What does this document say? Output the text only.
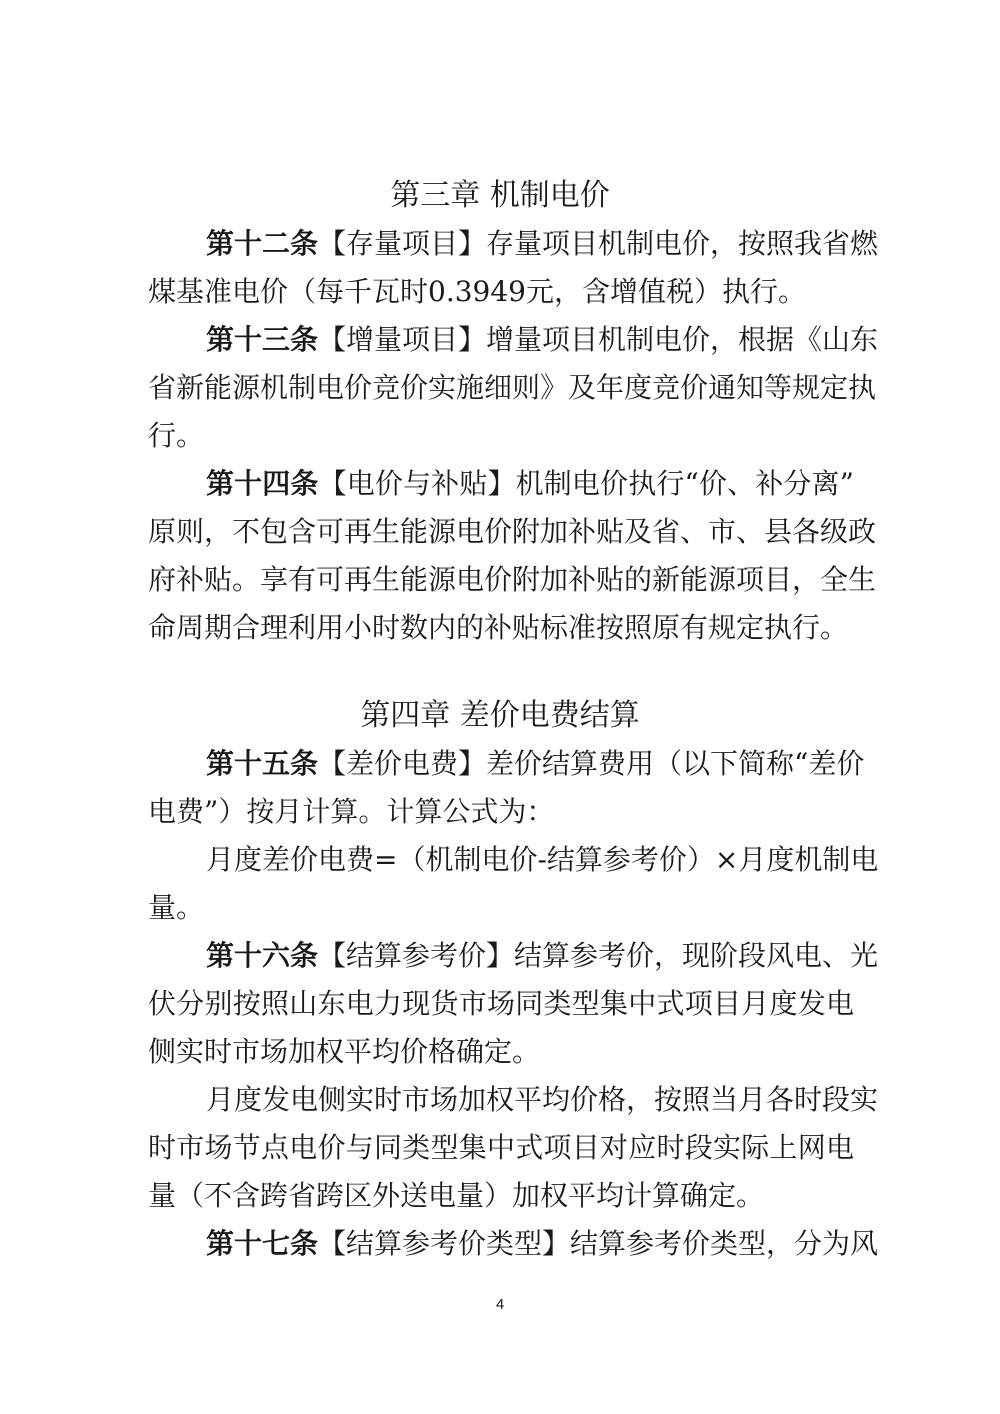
第三章 机制电价
第十二条【存量项目】存量项目机制电价，按照我省燃
煤基准电价（每千瓦时0.3949元，含增值税）执行。
第十三条【增量项目】增量项目机制电价，根据《山东
省新能源机制电价竞价实施细则》及年度竞价通知等规定执
行。
第十四条【电价与补贴】机制电价执行“价、补分离”
原则，不包含可再生能源电价附加补贴及省、市、县各级政
府补贴。享有可再生能源电价附加补贴的新能源项目，全生
命周期合理利用小时数内的补贴标准按照原有规定执行。
第四章 差价电费结算
第十五条【差价电费】差价结算费用（以下简称“差价
电费”）按月计算。计算公式为：
月度差价电费=（机制电价-结算参考价）×月度机制电
量。
第十六条【结算参考价】结算参考价，现阶段风电、光
伏分别按照山东电力现货市场同类型集中式项目月度发电
侧实时市场加权平均价格确定。
月度发电侧实时市场加权平均价格，按照当月各时段实
时市场节点电价与同类型集中式项目对应时段实际上网电
量（不含跨省跨区外送电量）加权平均计算确定。
第十七条【结算参考价类型】结算参考价类型，分为风
4
